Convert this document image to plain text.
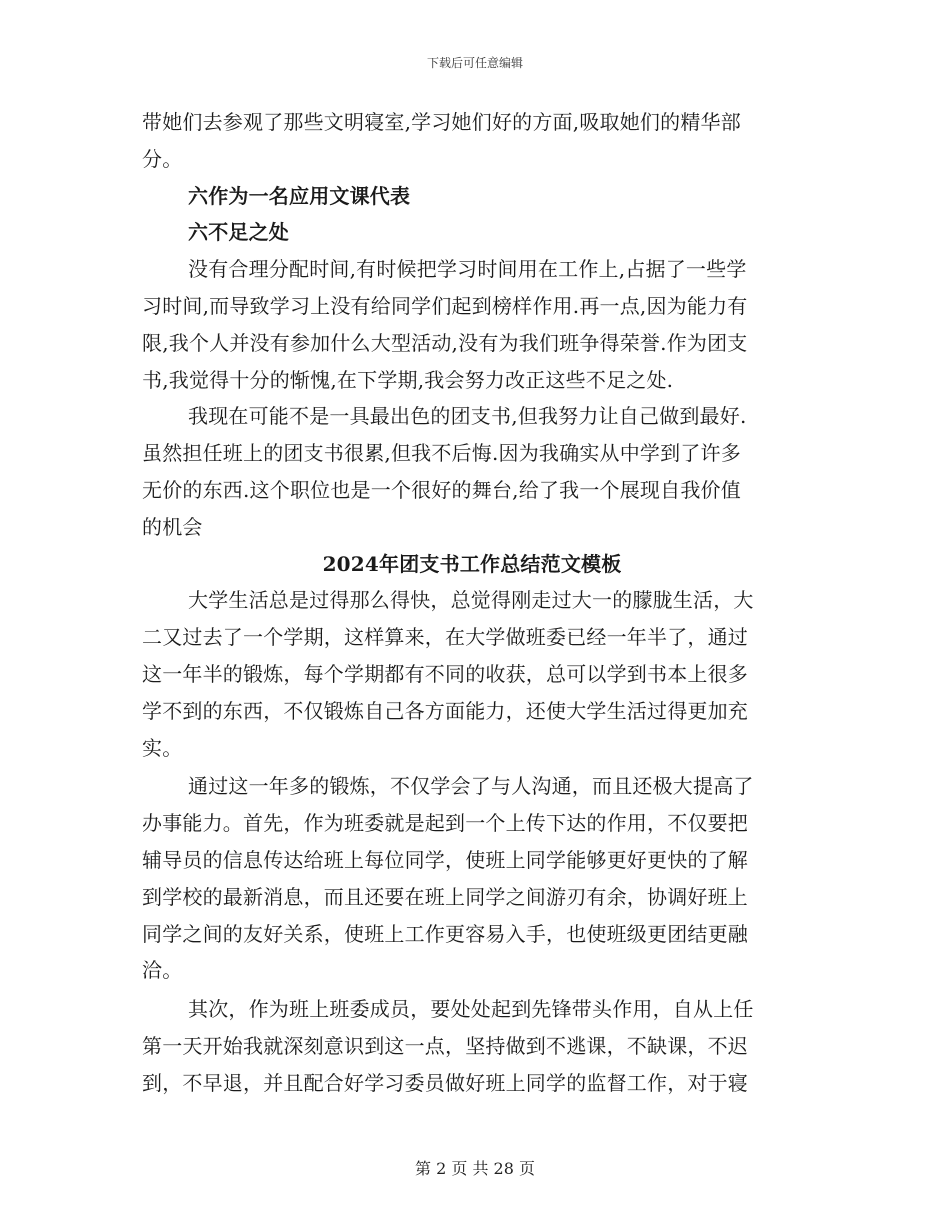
下载后可任意编辑
带她们去参观了那些文明寝室,学习她们好的方面,吸取她们的精华部
分。
六作为一名应用文课代表
六不足之处
没有合理分配时间,有时候把学习时间用在工作上,占据了一些学
习时间,而导致学习上没有给同学们起到榜样作用.再一点,因为能力有
限,我个人并没有参加什么大型活动,没有为我们班争得荣誉.作为团支
书,我觉得十分的惭愧,在下学期,我会努力改正这些不足之处.
我现在可能不是一具最出色的团支书,但我努力让自己做到最好.
虽然担任班上的团支书很累,但我不后悔.因为我确实从中学到了许多
无价的东西.这个职位也是一个很好的舞台,给了我一个展现自我价值
的机会
2024年团支书工作总结范文模板
大学生活总是过得那么得快，总觉得刚走过大一的朦胧生活，大
二又过去了一个学期，这样算来，在大学做班委已经一年半了，通过
这一年半的锻炼，每个学期都有不同的收获，总可以学到书本上很多
学不到的东西，不仅锻炼自己各方面能力，还使大学生活过得更加充
实。
通过这一年多的锻炼，不仅学会了与人沟通，而且还极大提高了
办事能力。首先，作为班委就是起到一个上传下达的作用，不仅要把
辅导员的信息传达给班上每位同学，使班上同学能够更好更快的了解
到学校的最新消息，而且还要在班上同学之间游刃有余，协调好班上
同学之间的友好关系，使班上工作更容易入手，也使班级更团结更融
洽。
其次，作为班上班委成员，要处处起到先锋带头作用，自从上任
第一天开始我就深刻意识到这一点，坚持做到不逃课，不缺课，不迟
到，不早退，并且配合好学习委员做好班上同学的监督工作，对于寝
第 2 页 共 28 页
